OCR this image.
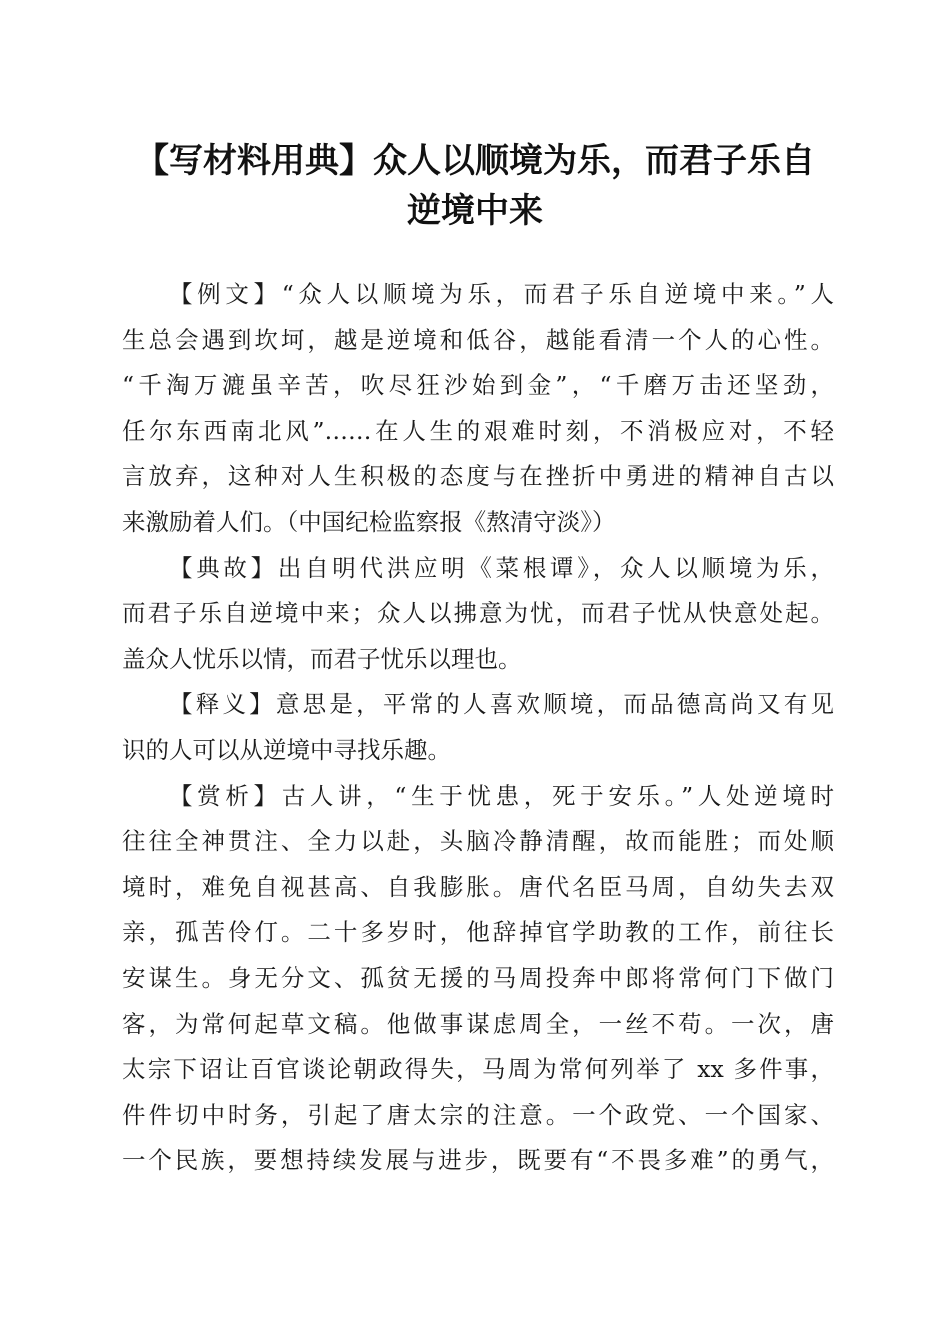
【写材料用典】众人以顺境为乐，而君子乐自
逆境中来
【例文】“众人以顺境为乐，而君子乐自逆境中来。”人
生总会遇到坎坷，越是逆境和低谷，越能看清一个人的心性。
“千淘万漉虽辛苦，吹尽狂沙始到金”，“千磨万击还坚劲，
任尔东西南北风”……在人生的艰难时刻，不消极应对，不轻
言放弃，这种对人生积极的态度与在挫折中勇进的精神自古以
来激励着人们。（中国纪检监察报《熬清守淡》）
【典故】出自明代洪应明《菜根谭》，众人以顺境为乐，
而君子乐自逆境中来；众人以拂意为忧，而君子忧从快意处起。
盖众人忧乐以情，而君子忧乐以理也。
【释义】意思是，平常的人喜欢顺境，而品德高尚又有见
识的人可以从逆境中寻找乐趣。
【赏析】古人讲，“生于忧患，死于安乐。”人处逆境时
往往全神贯注、全力以赴，头脑冷静清醒，故而能胜；而处顺
境时，难免自视甚高、自我膨胀。唐代名臣马周，自幼失去双
亲，孤苦伶仃。二十多岁时，他辞掉官学助教的工作，前往长
安谋生。身无分文、孤贫无援的马周投奔中郎将常何门下做门
客，为常何起草文稿。他做事谋虑周全，一丝不苟。一次，唐
太宗下诏让百官谈论朝政得失，马周为常何列举了 xx 多件事，
件件切中时务，引起了唐太宗的注意。一个政党、一个国家、
一个民族，要想持续发展与进步，既要有“不畏多难”的勇气，
